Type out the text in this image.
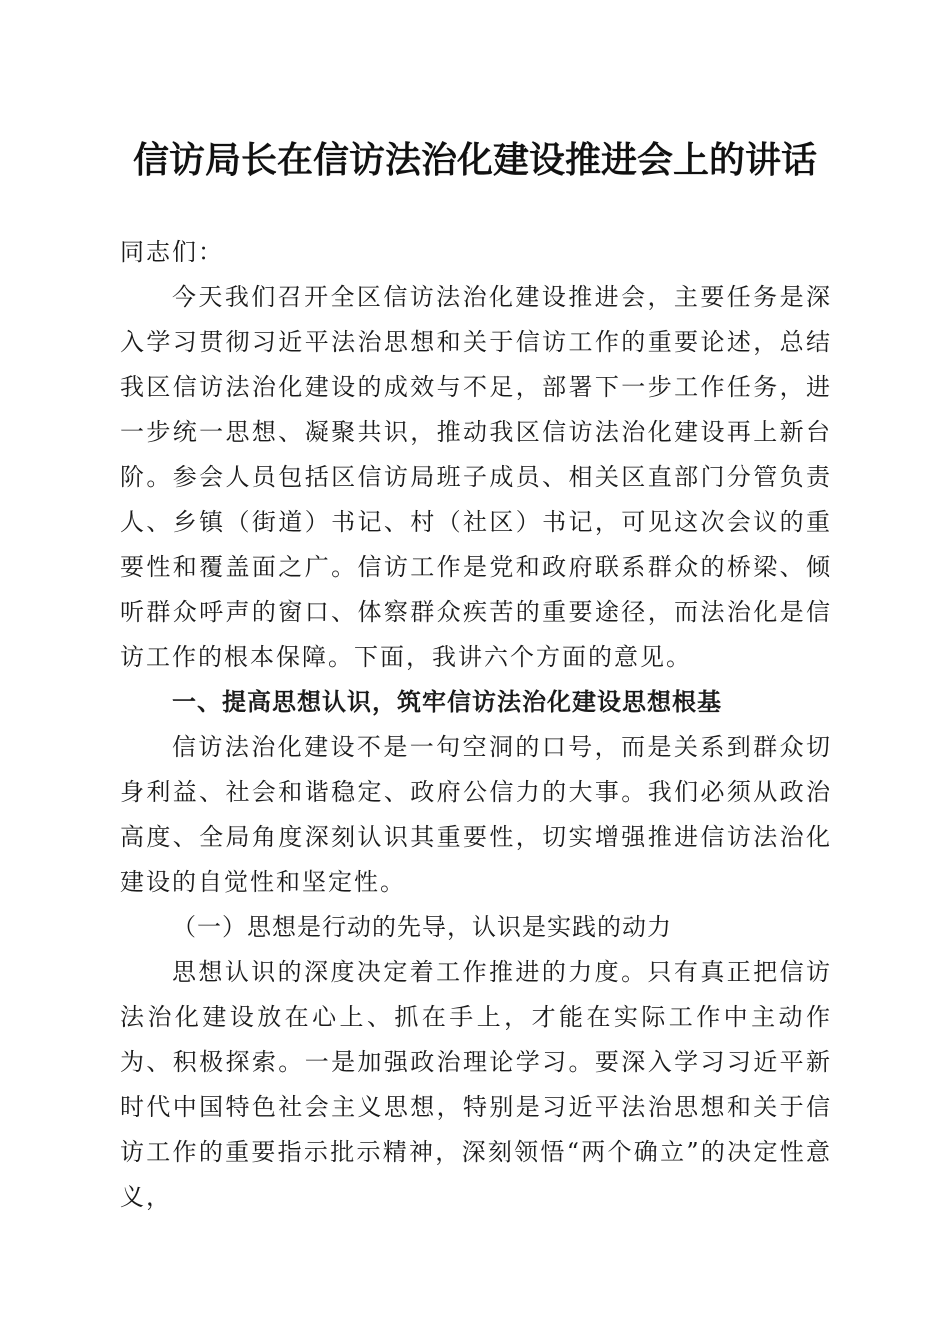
信访局长在信访法治化建设推进会上的讲话

同志们：

今天我们召开全区信访法治化建设推进会，主要任务是深入学习贯彻习近平法治思想和关于信访工作的重要论述，总结我区信访法治化建设的成效与不足，部署下一步工作任务，进一步统一思想、凝聚共识，推动我区信访法治化建设再上新台阶。参会人员包括区信访局班子成员、相关区直部门分管负责人、乡镇（街道）书记、村（社区）书记，可见这次会议的重要性和覆盖面之广。信访工作是党和政府联系群众的桥梁、倾听群众呼声的窗口、体察群众疾苦的重要途径，而法治化是信访工作的根本保障。下面，我讲六个方面的意见。

一、提高思想认识，筑牢信访法治化建设思想根基

信访法治化建设不是一句空洞的口号，而是关系到群众切身利益、社会和谐稳定、政府公信力的大事。我们必须从政治高度、全局角度深刻认识其重要性，切实增强推进信访法治化建设的自觉性和坚定性。

（一）思想是行动的先导，认识是实践的动力

思想认识的深度决定着工作推进的力度。只有真正把信访法治化建设放在心上、抓在手上，才能在实际工作中主动作为、积极探索。一是加强政治理论学习。要深入学习习近平新时代中国特色社会主义思想，特别是习近平法治思想和关于信访工作的重要指示批示精神，深刻领悟“两个确立”的决定性意义，
